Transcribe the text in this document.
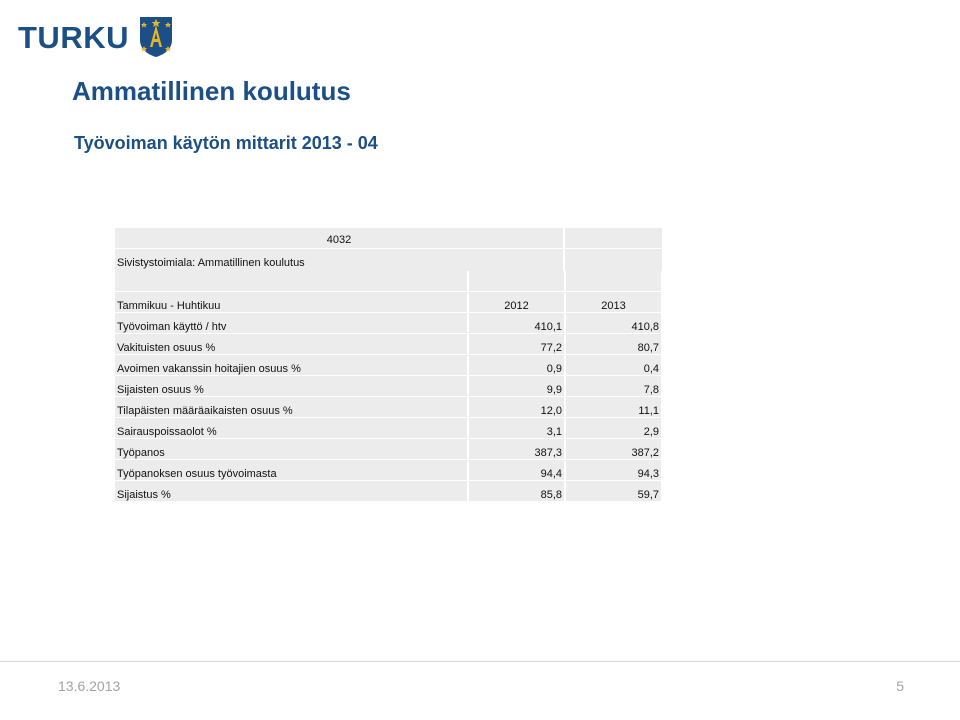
TURKU
Ammatillinen koulutus
Työvoiman käytön mittarit 2013 - 04
4032		

Sivistystoimiala: Ammatillinen koulutus		

Tammikuu - Huhtikuu	2012	2013
Työvoiman käyttö / htv	410,1	410,8
Vakituisten osuus %	77,2	80,7
Avoimen vakanssin hoitajien osuus %	0,9	0,4
Sijaisten osuus %	9,9	7,8
Tilapäisten määräaikaisten osuus %	12,0	11,1
Sairauspoissaolot %	3,1	2,9
Työpanos	387,3	387,2
Työpanoksen osuus työvoimasta	94,4	94,3
Sijaistus %	85,8	59,7
13.6.2013	5
